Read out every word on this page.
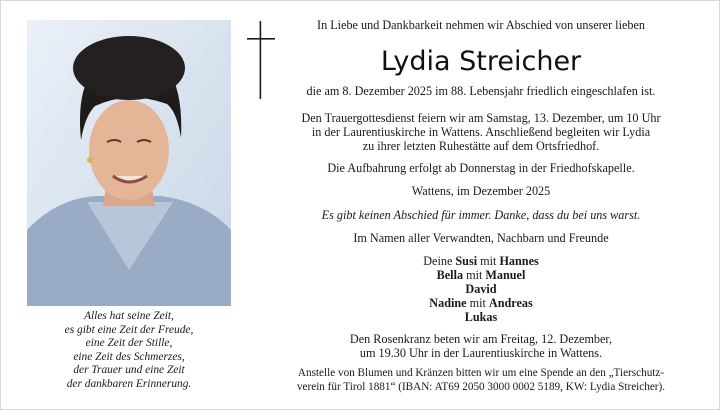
Alles hat seine Zeit,
es gibt eine Zeit der Freude,
eine Zeit der Stille,
eine Zeit des Schmerzes,
der Trauer und eine Zeit
der dankbaren Erinnerung.
In Liebe und Dankbarkeit nehmen wir Abschied von unserer lieben
Lydia Streicher
die am 8. Dezember 2025 im 88. Lebensjahr friedlich eingeschlafen ist.
Den Trauergottesdienst feiern wir am Samstag, 13. Dezember, um 10 Uhr
in der Laurentiuskirche in Wattens. Anschließend begleiten wir Lydia
zu ihrer letzten Ruhestätte auf dem Ortsfriedhof.
Die Aufbahrung erfolgt ab Donnerstag in der Friedhofskapelle.
Wattens, im Dezember 2025
Es gibt keinen Abschied für immer. Danke, dass du bei uns warst.
Im Namen aller Verwandten, Nachbarn und Freunde
Deine Susi mit Hannes
Bella mit Manuel
David
Nadine mit Andreas
Lukas
Den Rosenkranz beten wir am Freitag, 12. Dezember,
um 19.30 Uhr in der Laurentiuskirche in Wattens.
Anstelle von Blumen und Kränzen bitten wir um eine Spende an den „Tierschutz-
verein für Tirol 1881“ (IBAN: AT69 2050 3000 0002 5189, KW: Lydia Streicher).
